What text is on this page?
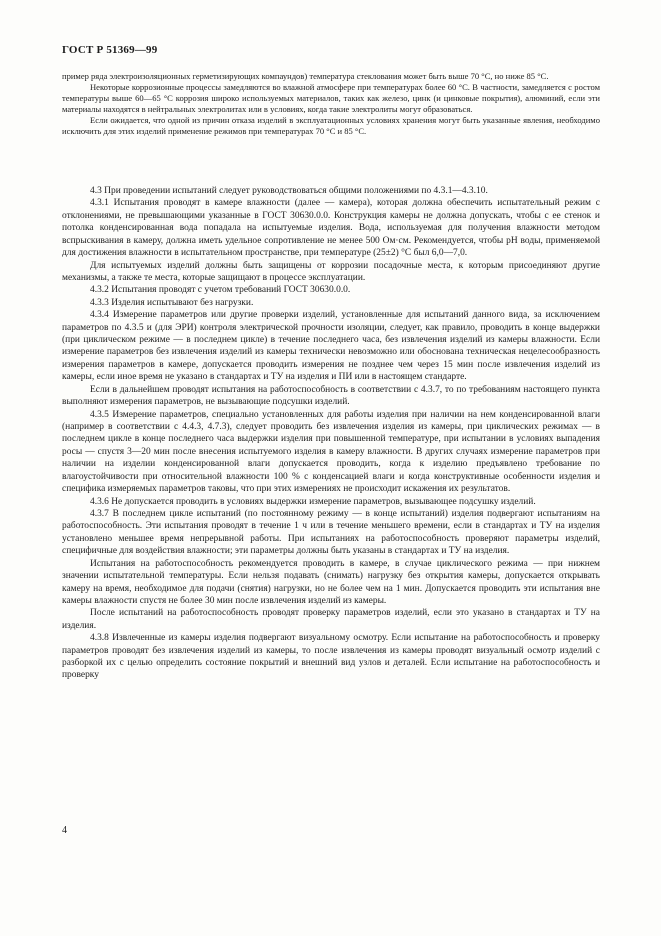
ГОСТ Р 51369—99

пример ряда электроизоляционных герметизирующих компаундов) температура стеклования может быть выше 70 °С, но ниже 85 °С.

Некоторые коррозионные процессы замедляются во влажной атмосфере при температурах более 60 °С. В частности, замедляется с ростом температуры выше 60—65 °С коррозия широко используемых материалов, таких как железо, цинк (и цинковые покрытия), алюминий, если эти материалы находятся в нейтральных электролитах или в условиях, когда такие электролиты могут образоваться.

Если ожидается, что одной из причин отказа изделий в эксплуатационных условиях хранения могут быть указанные явления, необходимо исключить для этих изделий применение режимов при температурах 70 °С и 85 °С.

4.3 При проведении испытаний следует руководствоваться общими положениями по 4.3.1—4.3.10.

4.3.1 Испытания проводят в камере влажности (далее — камера), которая должна обеспечить испытательный режим с отклонениями, не превышающими указанные в ГОСТ 30630.0.0. Конструкция камеры не должна допускать, чтобы с ее стенок и потолка конденсированная вода попадала на испытуемые изделия. Вода, используемая для получения влажности методом вспрыскивания в камеру, должна иметь удельное сопротивление не менее 500 Ом·см. Рекомендуется, чтобы pH воды, применяемой для достижения влажности в испытательном пространстве, при температуре (25±2) °С был 6,0—7,0.

Для испытуемых изделий должны быть защищены от коррозии посадочные места, к которым присоединяют другие механизмы, а также те места, которые защищают в процессе эксплуатации.

4.3.2 Испытания проводят с учетом требований ГОСТ 30630.0.0.

4.3.3 Изделия испытывают без нагрузки.

4.3.4 Измерение параметров или другие проверки изделий, установленные для испытаний данного вида, за исключением параметров по 4.3.5 и (для ЭРИ) контроля электрической прочности изоляции, следует, как правило, проводить в конце выдержки (при циклическом режиме — в последнем цикле) в течение последнего часа, без извлечения изделий из камеры влажности. Если измерение параметров без извлечения изделий из камеры технически невозможно или обоснована техническая нецелесообразность измерения параметров в камере, допускается проводить измерения не позднее чем через 15 мин после извлечения изделий из камеры, если иное время не указано в стандартах и ТУ на изделия и ПИ или в настоящем стандарте.

Если в дальнейшем проводят испытания на работоспособность в соответствии с 4.3.7, то по требованиям настоящего пункта выполняют измерения параметров, не вызывающие подсушки изделий.

4.3.5 Измерение параметров, специально установленных для работы изделия при наличии на нем конденсированной влаги (например в соответствии с 4.4.3, 4.7.3), следует проводить без извлечения изделия из камеры, при циклических режимах — в последнем цикле в конце последнего часа выдержки изделия при повышенной температуре, при испытании в условиях выпадения росы — спустя 3—20 мин после внесения испытуемого изделия в камеру влажности. В других случаях измерение параметров при наличии на изделии конденсированной влаги допускается проводить, когда к изделию предъявлено требование по влагоустойчивости при относительной влажности 100 % с конденсацией влаги и когда конструктивные особенности изделия и специфика измеряемых параметров таковы, что при этих измерениях не происходит искажения их результатов.

4.3.6 Не допускается проводить в условиях выдержки измерение параметров, вызывающее подсушку изделий.

4.3.7 В последнем цикле испытаний (по постоянному режиму — в конце испытаний) изделия подвергают испытаниям на работоспособность. Эти испытания проводят в течение 1 ч или в течение меньшего времени, если в стандартах и ТУ на изделия установлено меньшее время непрерывной работы. При испытаниях на работоспособность проверяют параметры изделий, специфичные для воздействия влажности; эти параметры должны быть указаны в стандартах и ТУ на изделия.

Испытания на работоспособность рекомендуется проводить в камере, в случае циклического режима — при нижнем значении испытательной температуры. Если нельзя подавать (снимать) нагрузку без открытия камеры, допускается открывать камеру на время, необходимое для подачи (снятия) нагрузки, но не более чем на 1 мин. Допускается проводить эти испытания вне камеры влажности спустя не более 30 мин после извлечения изделий из камеры.

После испытаний на работоспособность проводят проверку параметров изделий, если это указано в стандартах и ТУ на изделия.

4.3.8 Извлеченные из камеры изделия подвергают визуальному осмотру. Если испытание на работоспособность и проверку параметров проводят без извлечения изделий из камеры, то после извлечения из камеры проводят визуальный осмотр изделий с разборкой их с целью определить состояние покрытий и внешний вид узлов и деталей. Если испытание на работоспособность и проверку

4
